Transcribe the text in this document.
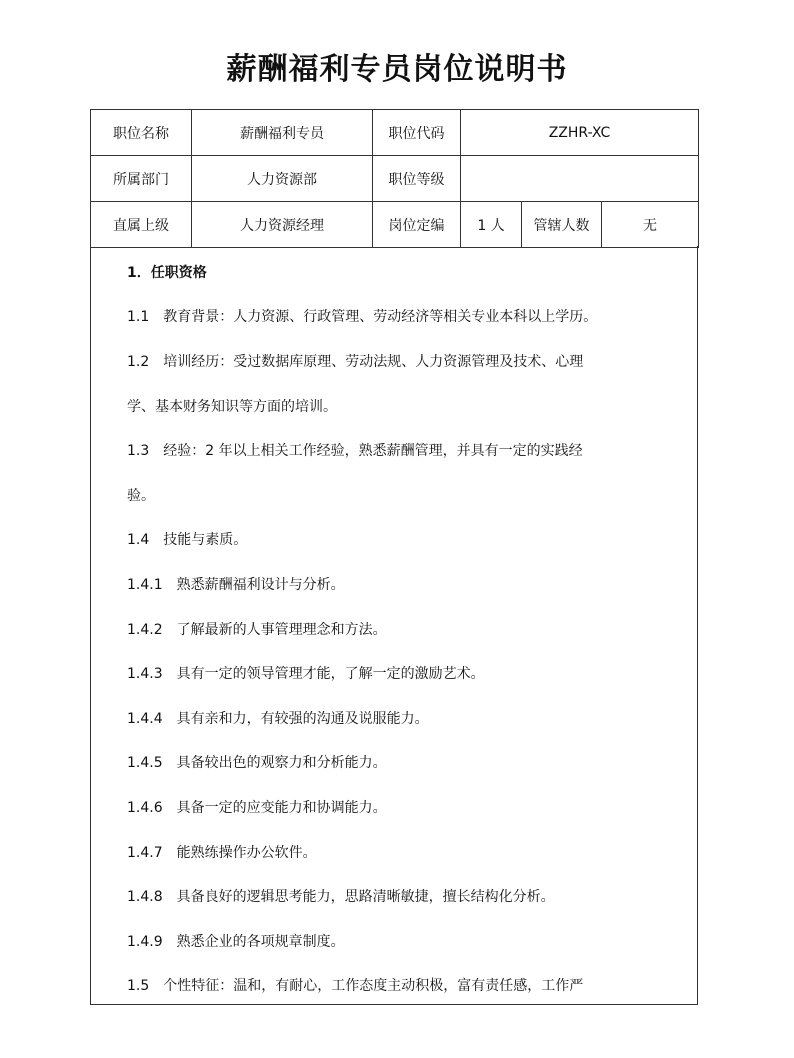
薪酬福利专员岗位说明书
职位名称	薪酬福利专员	职位代码	ZZHR-XC		
所属部门	人力资源部	职位等级			
直属上级	人力资源经理	岗位定编	1 人	管辖人数	无
1．任职资格
1.1 教育背景：人力资源、行政管理、劳动经济等相关专业本科以上学历。
1.2 培训经历：受过数据库原理、劳动法规、人力资源管理及技术、心理
学、基本财务知识等方面的培训。
1.3 经验：2 年以上相关工作经验，熟悉薪酬管理，并具有一定的实践经
验。
1.4 技能与素质。
1.4.1 熟悉薪酬福利设计与分析。
1.4.2 了解最新的人事管理理念和方法。
1.4.3 具有一定的领导管理才能，了解一定的激励艺术。
1.4.4 具有亲和力，有较强的沟通及说服能力。
1.4.5 具备较出色的观察力和分析能力。
1.4.6 具备一定的应变能力和协调能力。
1.4.7 能熟练操作办公软件。
1.4.8 具备良好的逻辑思考能力，思路清晰敏捷，擅长结构化分析。
1.4.9 熟悉企业的各项规章制度。
1.5 个性特征：温和，有耐心，工作态度主动积极，富有责任感，工作严
